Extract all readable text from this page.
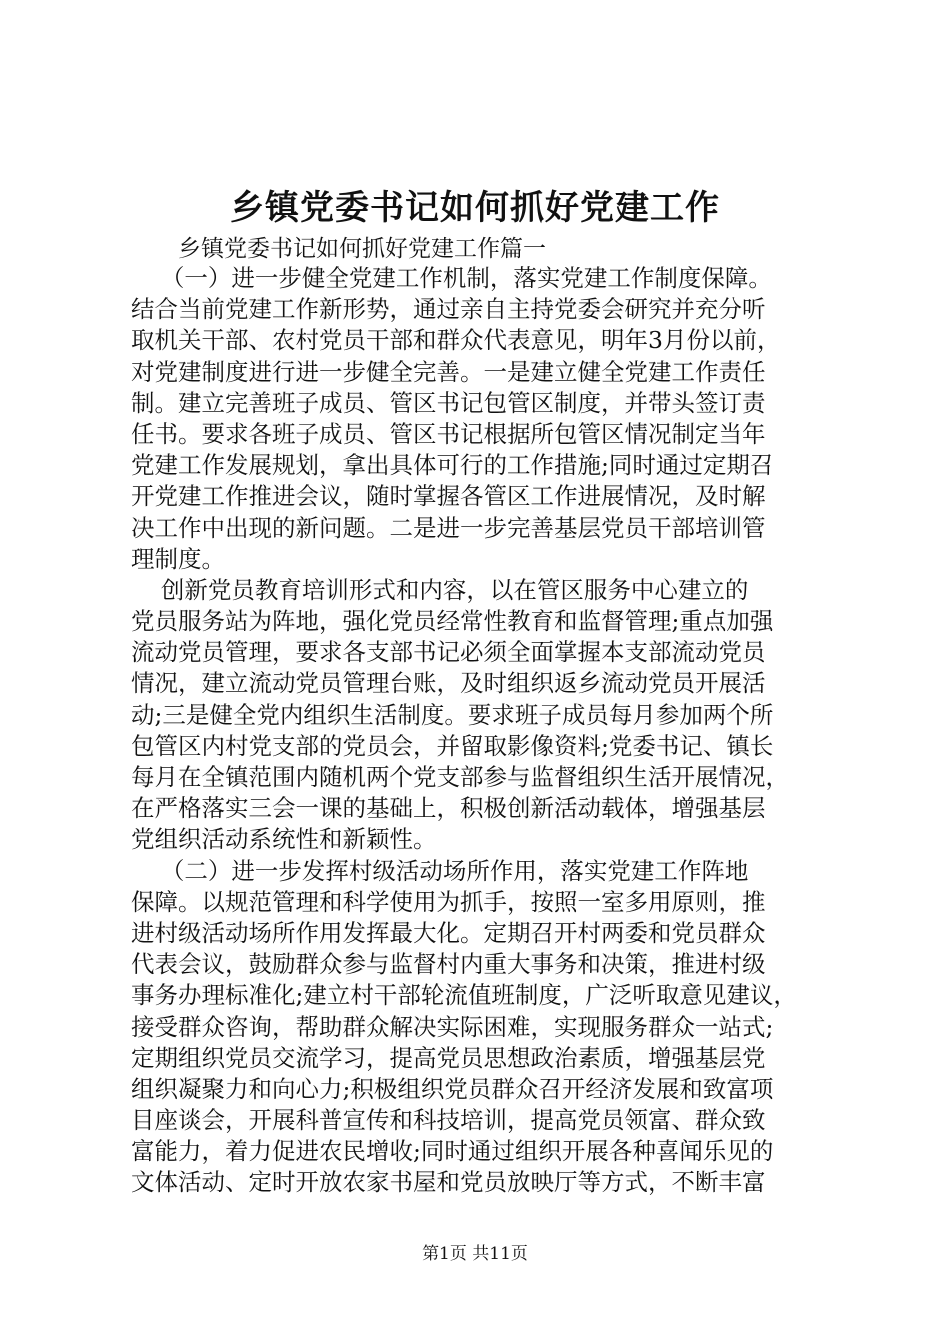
乡镇党委书记如何抓好党建工作
乡镇党委书记如何抓好党建工作篇一
（一）进一步健全党建工作机制，落实党建工作制度保障。
结合当前党建工作新形势，通过亲自主持党委会研究并充分听
取机关干部、农村党员干部和群众代表意见，明年3月份以前，
对党建制度进行进一步健全完善。一是建立健全党建工作责任
制。建立完善班子成员、管区书记包管区制度，并带头签订责
任书。要求各班子成员、管区书记根据所包管区情况制定当年
党建工作发展规划，拿出具体可行的工作措施;同时通过定期召
开党建工作推进会议，随时掌握各管区工作进展情况，及时解
决工作中出现的新问题。二是进一步完善基层党员干部培训管
理制度。
创新党员教育培训形式和内容，以在管区服务中心建立的
党员服务站为阵地，强化党员经常性教育和监督管理;重点加强
流动党员管理，要求各支部书记必须全面掌握本支部流动党员
情况，建立流动党员管理台账，及时组织返乡流动党员开展活
动;三是健全党内组织生活制度。要求班子成员每月参加两个所
包管区内村党支部的党员会，并留取影像资料;党委书记、镇长
每月在全镇范围内随机两个党支部参与监督组织生活开展情况，
在严格落实三会一课的基础上，积极创新活动载体，增强基层
党组织活动系统性和新颖性。
（二）进一步发挥村级活动场所作用，落实党建工作阵地
保障。以规范管理和科学使用为抓手，按照一室多用原则，推
进村级活动场所作用发挥最大化。定期召开村两委和党员群众
代表会议，鼓励群众参与监督村内重大事务和决策，推进村级
事务办理标准化;建立村干部轮流值班制度，广泛听取意见建议，
接受群众咨询，帮助群众解决实际困难，实现服务群众一站式;
定期组织党员交流学习，提高党员思想政治素质，增强基层党
组织凝聚力和向心力;积极组织党员群众召开经济发展和致富项
目座谈会，开展科普宣传和科技培训，提高党员领富、群众致
富能力，着力促进农民增收;同时通过组织开展各种喜闻乐见的
文体活动、定时开放农家书屋和党员放映厅等方式，不断丰富
第1页 共11页
